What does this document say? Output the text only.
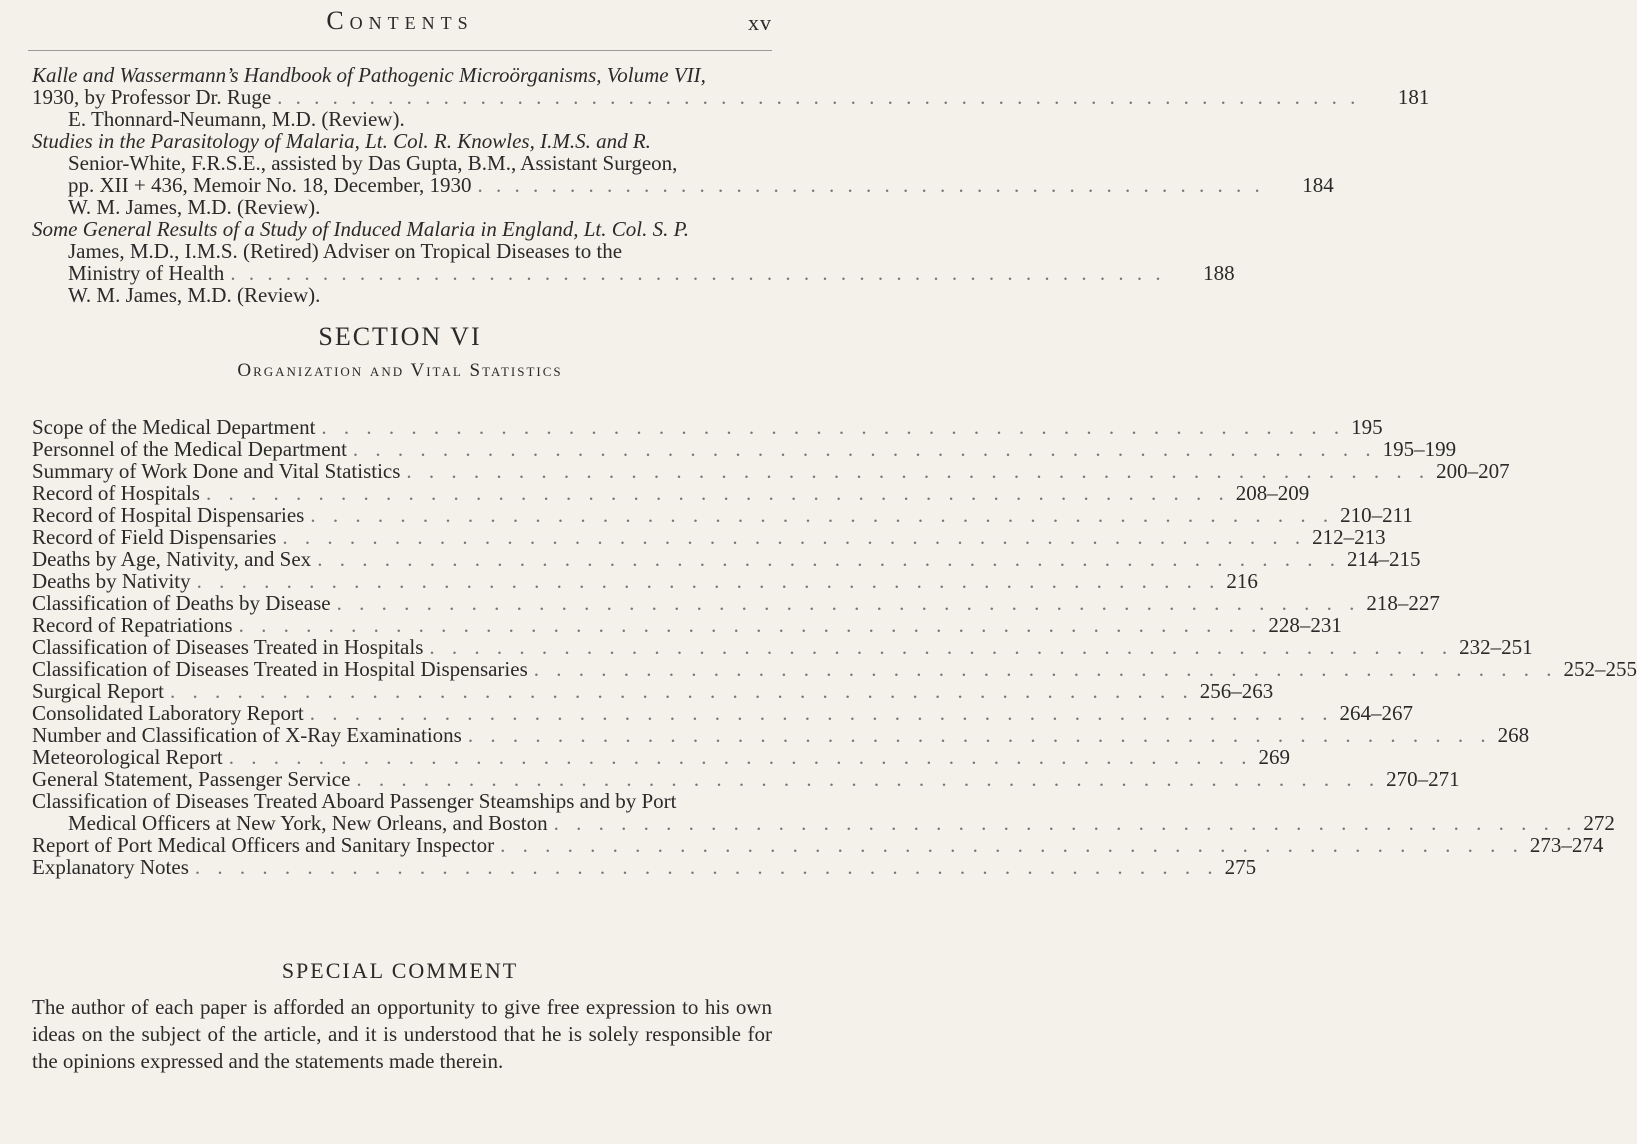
Contents	xv
Kalle and Wassermann’s Handbook of Pathogenic Microörganisms, Volume VII,
1930, by Professor Dr. Ruge . . . . . . . . . . . . . . . . . . . . . . . . . . . . . . . . . . . . . . . . . . . . . . . . . . . . . . . . . . .	181
E. Thonnard-Neumann, M.D. (Review).
Studies in the Parasitology of Malaria, Lt. Col. R. Knowles, I.M.S. and R.
Senior-White, F.R.S.E., assisted by Das Gupta, B.M., Assistant Surgeon,
pp. XII + 436, Memoir No. 18, December, 1930 . . . . . . . . . . . . . . . . . . . . . . . . . . . . . . . . . . . . . . . . . . .	184
W. M. James, M.D. (Review).
Some General Results of a Study of Induced Malaria in England, Lt. Col. S. P.
James, M.D., I.M.S. (Retired) Adviser on Tropical Diseases to the
Ministry of Health . . . . . . . . . . . . . . . . . . . . . . . . . . . . . . . . . . . . . . . . . . . . . . . . . . .	188
W. M. James, M.D. (Review).
SECTION VI
Organization and Vital Statistics
Scope of the Medical Department . . . . . . . . . . . . . . . . . . . . . . . . . . . . . . . . . . . . . . . . . . . . . . 195
Personnel of the Medical Department . . . . . . . . . . . . . . . . . . . . . . . . . . . . . . . . . . . . . . . . . . . . . . 195–199
Summary of Work Done and Vital Statistics . . . . . . . . . . . . . . . . . . . . . . . . . . . . . . . . . . . . . . . . . . . . . . 200–207
Record of Hospitals . . . . . . . . . . . . . . . . . . . . . . . . . . . . . . . . . . . . . . . . . . . . . . 208–209
Record of Hospital Dispensaries . . . . . . . . . . . . . . . . . . . . . . . . . . . . . . . . . . . . . . . . . . . . . . 210–211
Record of Field Dispensaries . . . . . . . . . . . . . . . . . . . . . . . . . . . . . . . . . . . . . . . . . . . . . . 212–213
Deaths by Age, Nativity, and Sex . . . . . . . . . . . . . . . . . . . . . . . . . . . . . . . . . . . . . . . . . . . . . . 214–215
Deaths by Nativity . . . . . . . . . . . . . . . . . . . . . . . . . . . . . . . . . . . . . . . . . . . . . . 216
Classification of Deaths by Disease . . . . . . . . . . . . . . . . . . . . . . . . . . . . . . . . . . . . . . . . . . . . . . 218–227
Record of Repatriations . . . . . . . . . . . . . . . . . . . . . . . . . . . . . . . . . . . . . . . . . . . . . . 228–231
Classification of Diseases Treated in Hospitals . . . . . . . . . . . . . . . . . . . . . . . . . . . . . . . . . . . . . . . . . . . . . . 232–251
Classification of Diseases Treated in Hospital Dispensaries . . . . . . . . . . . . . . . . . . . . . . . . . . . . . . . . . . . . . . . . . . . . . . 252–255
Surgical Report . . . . . . . . . . . . . . . . . . . . . . . . . . . . . . . . . . . . . . . . . . . . . . 256–263
Consolidated Laboratory Report . . . . . . . . . . . . . . . . . . . . . . . . . . . . . . . . . . . . . . . . . . . . . . 264–267
Number and Classification of X-Ray Examinations . . . . . . . . . . . . . . . . . . . . . . . . . . . . . . . . . . . . . . . . . . . . . . 268
Meteorological Report . . . . . . . . . . . . . . . . . . . . . . . . . . . . . . . . . . . . . . . . . . . . . . 269
General Statement, Passenger Service . . . . . . . . . . . . . . . . . . . . . . . . . . . . . . . . . . . . . . . . . . . . . . 270–271
Classification of Diseases Treated Aboard Passenger Steamships and by Port
Medical Officers at New York, New Orleans, and Boston . . . . . . . . . . . . . . . . . . . . . . . . . . . . . . . . . . . . . . . . . . . . . . 272
Report of Port Medical Officers and Sanitary Inspector . . . . . . . . . . . . . . . . . . . . . . . . . . . . . . . . . . . . . . . . . . . . . . 273–274
Explanatory Notes . . . . . . . . . . . . . . . . . . . . . . . . . . . . . . . . . . . . . . . . . . . . . . 275
SPECIAL COMMENT
The author of each paper is afforded an opportunity to give free expression to his own ideas on the subject of the article, and it is understood that he is solely responsible for the opinions expressed and the statements made therein.
